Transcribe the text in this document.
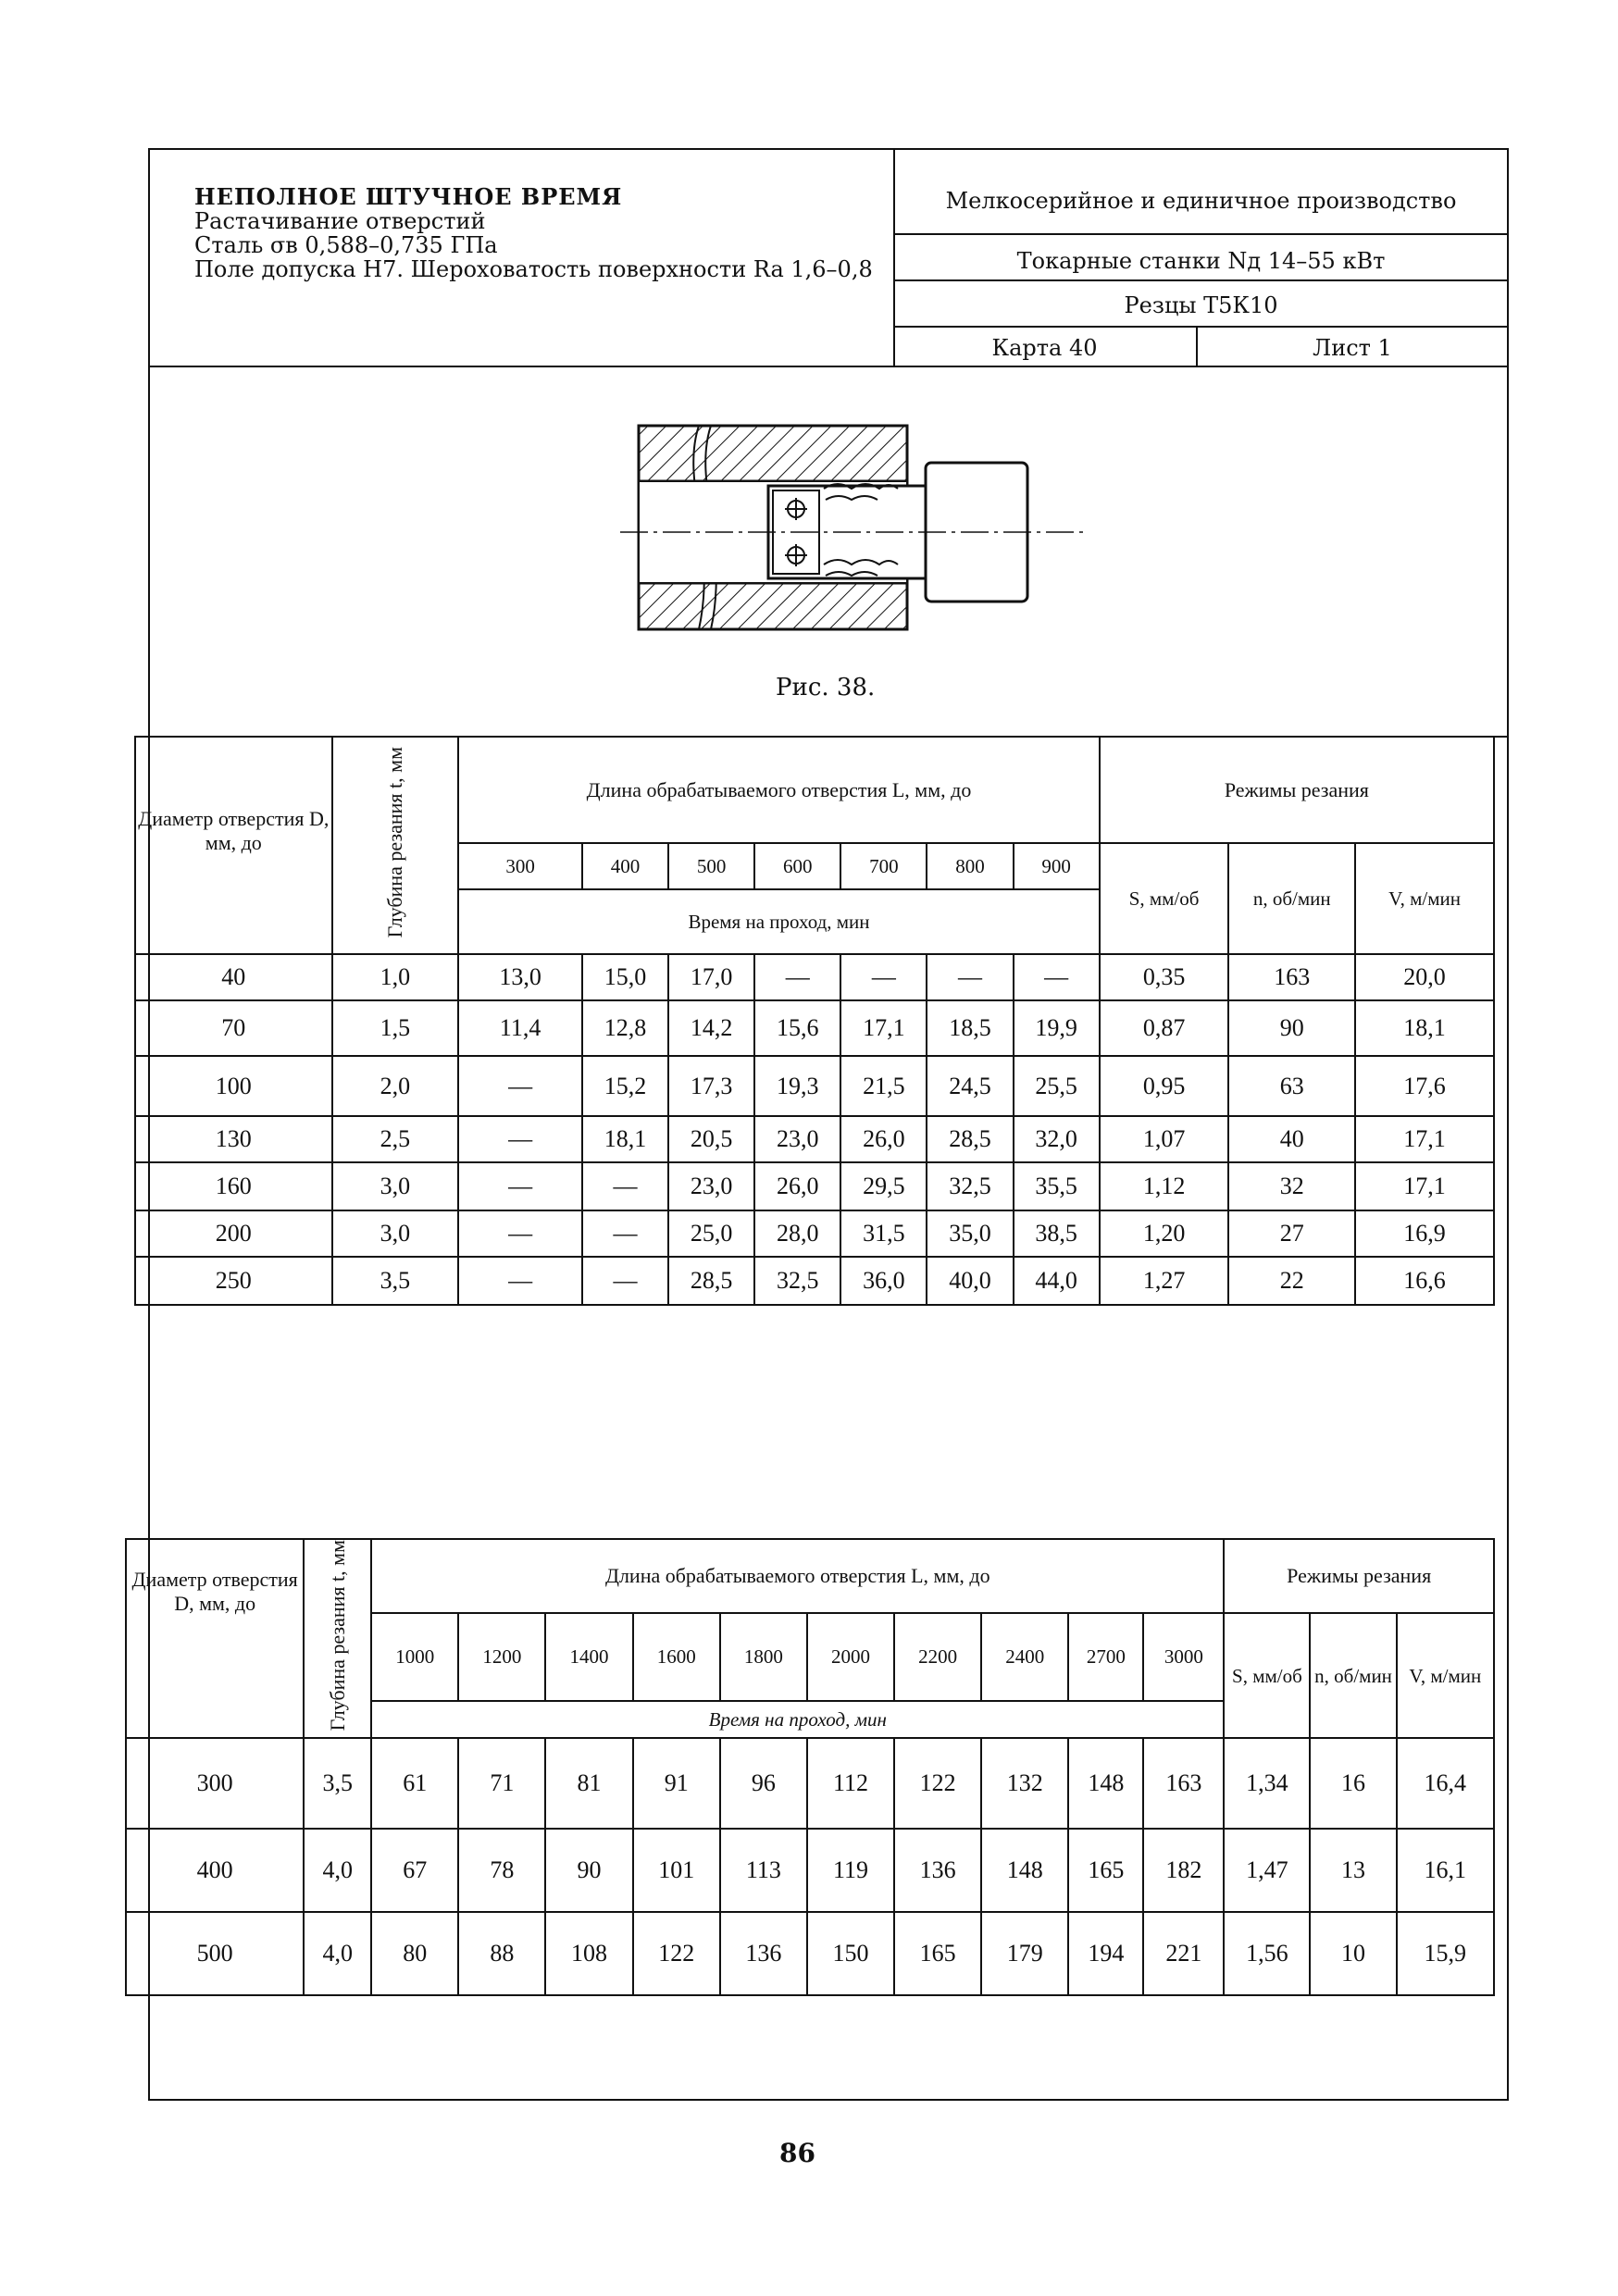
НЕПОЛНОЕ ШТУЧНОЕ ВРЕМЯ
Растачивание отверстий
Сталь σв 0,588–0,735 ГПа
Поле допуска Н7. Шероховатость поверхности Ra 1,6–0,8
Мелкосерийное и единичное производство
Токарные станки Nд 14–55 кВт
Резцы Т5К10
Карта 40	Лист 1
Рис. 38.
Диаметр отверстия D, мм, до	Глубина резания t, мм	Длина обрабатываемого отверстия L, мм, до							Режимы резания		
		300	400	500	600	700	800	900	S, мм/об	n, об/мин	V, м/мин
		Время на проход, мин									
40	1,0	13,0	15,0	17,0	—	—	—	—	0,35	163	20,0
70	1,5	11,4	12,8	14,2	15,6	17,1	18,5	19,9	0,87	90	18,1
100	2,0	—	15,2	17,3	19,3	21,5	24,5	25,5	0,95	63	17,6
130	2,5	—	18,1	20,5	23,0	26,0	28,5	32,0	1,07	40	17,1
160	3,0	—	—	23,0	26,0	29,5	32,5	35,5	1,12	32	17,1
200	3,0	—	—	25,0	28,0	31,5	35,0	38,5	1,20	27	16,9
250	3,5	—	—	28,5	32,5	36,0	40,0	44,0	1,27	22	16,6
Диаметр отверстия D, мм, до	Глубина резания t, мм	Длина обрабатываемого отверстия L, мм, до										Режимы резания		
		1000	1200	1400	1600	1800	2000	2200	2400	2700	3000	S, мм/об	n, об/мин	V, м/мин
		Время на проход, мин												
300	3,5	61	71	81	91	96	112	122	132	148	163	1,34	16	16,4
400	4,0	67	78	90	101	113	119	136	148	165	182	1,47	13	16,1
500	4,0	80	88	108	122	136	150	165	179	194	221	1,56	10	15,9
86
